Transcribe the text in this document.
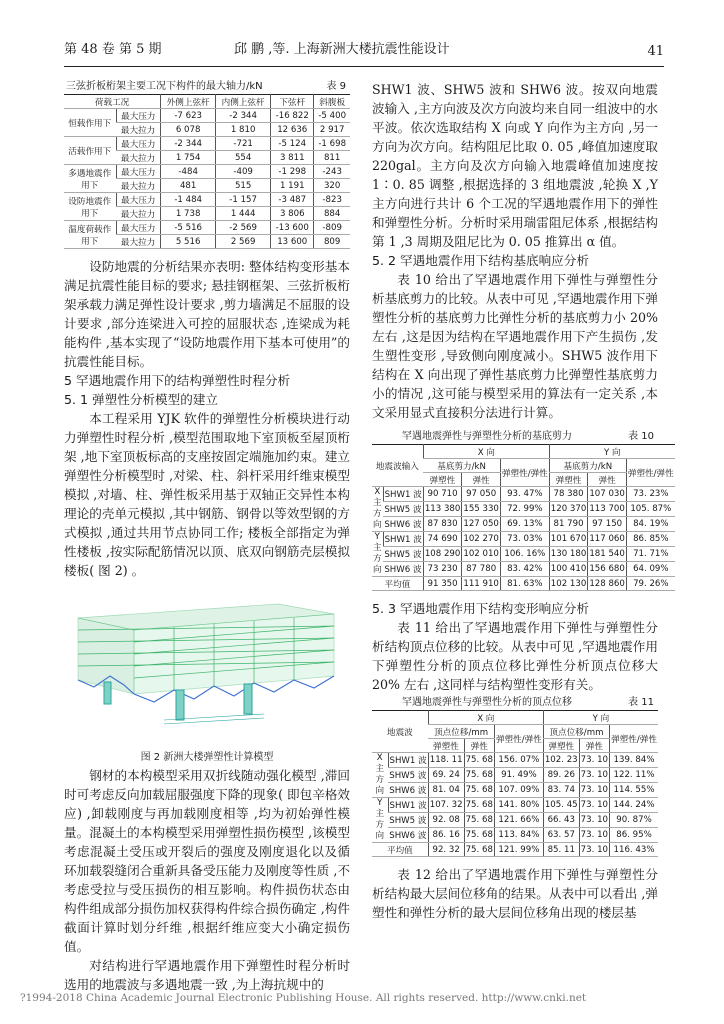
第 48 卷 第 5 期	邱 鹏 ,等. 上海新洲大楼抗震性能设计	41
三弦折板桁架主要工况下构件的最大轴力/kN	表 9
荷载工况		外侧上弦杆	内侧上弦杆	下弦杆	斜腹板
恒载作用下	最大压力	-7 623	-2 344	-16 822	-5 400
	最大拉力	6 078	1 810	12 636	2 917
活载作用下	最大压力	-2 344	-721	-5 124	-1 698
	最大拉力	1 754	554	3 811	811
多遇地震作用下	最大压力	-484	-409	-1 298	-243
	最大拉力	481	515	1 191	320
设防地震作用下	最大压力	-1 484	-1 157	-3 487	-823
	最大拉力	1 738	1 444	3 806	884
温度荷载作用下	最大压力	-5 516	-2 569	-13 600	-809
	最大拉力	5 516	2 569	13 600	809

设防地震的分析结果亦表明: 整体结构变形基本满足抗震性能目标的要求; 悬挂钢框架、三弦折板桁架承载力满足弹性设计要求 ,剪力墙满足不屈服的设计要求 ,部分连梁进入可控的屈服状态 ,连梁成为耗能构件 ,基本实现了“设防地震作用下基本可使用”的抗震性能目标。

5 罕遇地震作用下的结构弹塑性时程分析

5. 1 弹塑性分析模型的建立

本工程采用 YJK 软件的弹塑性分析模块进行动力弹塑性时程分析 ,模型范围取地下室顶板至屋顶桁架 ,地下室顶板标高的支座按固定端施加约束。建立弹塑性分析模型时 ,对梁、柱、斜杆采用纤维束模型模拟 ,对墙、柱、弹性板采用基于双轴正交异性本构理论的壳单元模拟 ,其中钢筋、钢骨以等效型钢的方式模拟 ,通过共用节点协同工作; 楼板全部指定为弹性楼板 ,按实际配筋情况以顶、底双向钢筋壳层模拟楼板( 图 2) 。

图 2 新洲大楼弹塑性计算模型

钢材的本构模型采用双折线随动强化模型 ,滞回时可考虑反向加载屈服强度下降的现象( 即包辛格效应) ,卸载刚度与再加载刚度相等 ,均为初始弹性模量。混凝土的本构模型采用弹塑性损伤模型 ,该模型考虑混凝土受压或开裂后的强度及刚度退化以及循环加载裂缝闭合重新具备受压能力及刚度等性质 ,不考虑受拉与受压损伤的相互影响。构件损伤状态由构件组成部分损伤加权获得构件综合损伤确定 ,构件截面计算时划分纤维 ,根据纤维应变大小确定损伤值。

对结构进行罕遇地震作用下弹塑性时程分析时选用的地震波与多遇地震一致 ,为上海抗规中的

SHW1 波、SHW5 波和 SHW6 波。按双向地震波输入 ,主方向波及次方向波均来自同一组波中的水平波。依次选取结构 X 向或 Y 向作为主方向 ,另一方向为次方向。结构阻尼比取 0. 05 ,峰值加速度取 220gal。主方向及次方向输入地震峰值加速度按 1∶0. 85 调整 ,根据选择的 3 组地震波 ,轮换 X ,Y 主方向进行共计 6 个工况的罕遇地震作用下的弹性和弹塑性分析。分析时采用瑞雷阻尼体系 ,根据结构第 1 ,3 周期及阻尼比为 0. 05 推算出 α 值。

5. 2 罕遇地震作用下结构基底响应分析

表 10 给出了罕遇地震作用下弹性与弹塑性分析基底剪力的比较。从表中可见 ,罕遇地震作用下弹塑性分析的基底剪力比弹性分析的基底剪力小 20% 左右 ,这是因为结构在罕遇地震作用下产生损伤 ,发生塑性变形 ,导致侧向刚度减小。SHW5 波作用下结构在 X 向出现了弹性基底剪力比弹塑性基底剪力小的情况 ,这可能与模型采用的算法有一定关系 ,本文采用显式直接积分法进行计算。

罕遇地震弹性与弹塑性分析的基底剪力	表 10
地震波输入		X 向			Y 向		
		基底剪力/kN		弹塑性/弹性	基底剪力/kN		弹塑性/弹性
		弹塑性	弹性		弹塑性	弹性	
X 主方向	SHW1 波	90 710	97 050	93. 47%	78 380	107 030	73. 23%
	SHW5 波	113 380	155 330	72. 99%	120 370	113 700	105. 87%
	SHW6 波	87 830	127 050	69. 13%	81 790	97 150	84. 19%
Y 主方向	SHW1 波	74 690	102 270	73. 03%	101 670	117 060	86. 85%
	SHW5 波	108 290	102 010	106. 16%	130 180	181 540	71. 71%
	SHW6 波	73 230	87 780	83. 42%	100 410	156 680	64. 09%
平均值		91 350	111 910	81. 63%	102 130	128 860	79. 26%

5. 3 罕遇地震作用下结构变形响应分析

表 11 给出了罕遇地震作用下弹性与弹塑性分析结构顶点位移的比较。从表中可见 ,罕遇地震作用下弹塑性分析的顶点位移比弹性分析顶点位移大 20% 左右 ,这同样与结构塑性变形有关。

罕遇地震弹性与弹塑性分析的顶点位移	表 11
地震波		X 向			Y 向		
		顶点位移/mm		弹塑性/弹性	顶点位移/mm		弹塑性/弹性
		弹塑性	弹性		弹塑性	弹性	
X 主方向	SHW1 波	118. 11	75. 68	156. 07%	102. 23	73. 10	139. 84%
	SHW5 波	69. 24	75. 68	91. 49%	89. 26	73. 10	122. 11%
	SHW6 波	81. 04	75. 68	107. 09%	83. 74	73. 10	114. 55%
Y 主方向	SHW1 波	107. 32	75. 68	141. 80%	105. 45	73. 10	144. 24%
	SHW5 波	92. 08	75. 68	121. 66%	66. 43	73. 10	90. 87%
	SHW6 波	86. 16	75. 68	113. 84%	63. 57	73. 10	86. 95%
平均值		92. 32	75. 68	121. 99%	85. 11	73. 10	116. 43%

表 12 给出了罕遇地震作用下弹性与弹塑性分析结构最大层间位移角的结果。从表中可以看出 ,弹塑性和弹性分析的最大层间位移角出现的楼层基

?1994-2018 China Academic Journal Electronic Publishing House. All rights reserved. http://www.cnki.net
